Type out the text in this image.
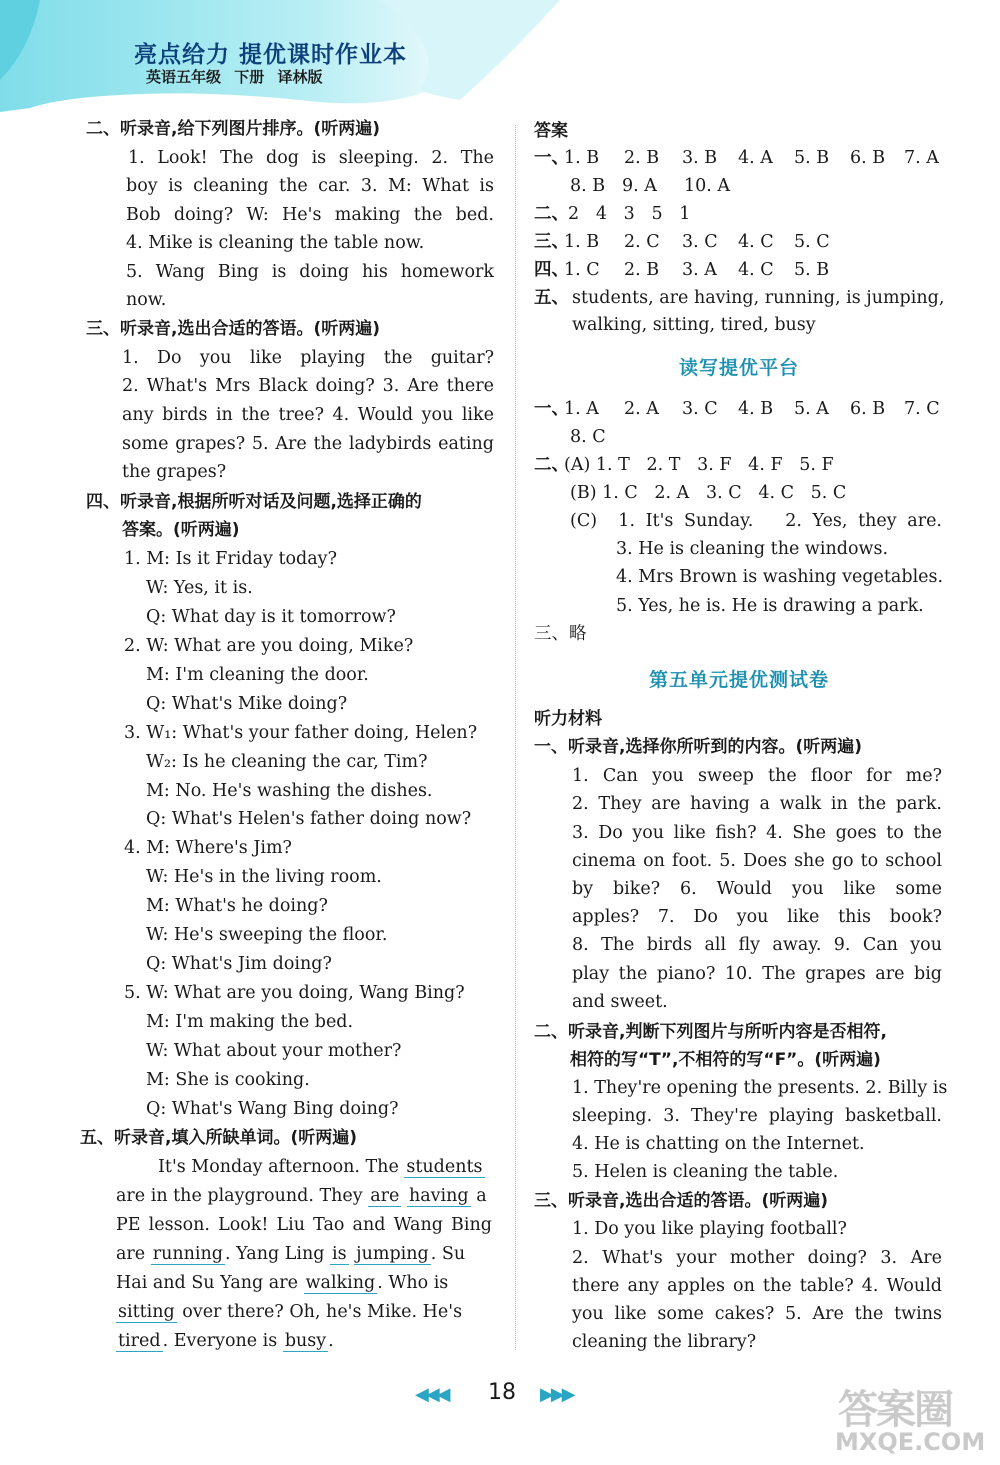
亮点给力 提优课时作业本
英语五年级 下册 译林版
二、听录音,给下列图片排序。(听两遍)
1. Look! The dog is sleeping. 2. The
boy is cleaning the car. 3. M: What is
Bob doing? W: He's making the bed.
4. Mike is cleaning the table now.
5. Wang Bing is doing his homework
now.
三、听录音,选出合适的答语。(听两遍)
1. Do you like playing the guitar?
2. What's Mrs Black doing? 3. Are there
any birds in the tree? 4. Would you like
some grapes? 5. Are the ladybirds eating
the grapes?
四、听录音,根据所听对话及问题,选择正确的
答案。(听两遍)
1. M: Is it Friday today?
W: Yes, it is.
Q: What day is it tomorrow?
2. W: What are you doing, Mike?
M: I'm cleaning the door.
Q: What's Mike doing?
3. W₁: What's your father doing, Helen?
W₂: Is he cleaning the car, Tim?
M: No. He's washing the dishes.
Q: What's Helen's father doing now?
4. M: Where's Jim?
W: He's in the living room.
M: What's he doing?
W: He's sweeping the floor.
Q: What's Jim doing?
5. W: What are you doing, Wang Bing?
M: I'm making the bed.
W: What about your mother?
M: She is cooking.
Q: What's Wang Bing doing?
五、听录音,填入所缺单词。(听两遍)
It's Monday afternoon. The students
are in the playground. They are having a
PE lesson. Look! Liu Tao and Wang Bing
are running . Yang Ling is jumping . Su
Hai and Su Yang are walking . Who is
sitting over there? Oh, he's Mike. He's
tired . Everyone is busy .
答案
一、
1. B 2. B 3. B 4. A 5. B 6. B 7. A
8. B 9. A 10. A
二、 2   4   3   5   1
三、
1. B 2. C 3. C 4. C 5. C
四、
1. C 2. B 3. A 4. C 5. B
五、 students, are having, running, is jumping,
walking, sitting, tired, busy
读写提优平台
一、
1. A 2. A 3. C 4. B 5. A 6. B 7. C
8. C
二、
(A) 1. T   2. T   3. F   4. F   5. F
(B) 1. C   2. A   3. C   4. C   5. C
(C)  1. It's Sunday.   2. Yes, they are.
3. He is cleaning the windows.
4. Mrs Brown is washing vegetables.
5. Yes, he is. He is drawing a park.
三、略
第五单元提优测试卷
听力材料
一、听录音,选择你所听到的内容。(听两遍)
1. Can you sweep the floor for me?
2. They are having a walk in the park.
3. Do you like fish? 4. She goes to the
cinema on foot. 5. Does she go to school
by bike? 6. Would you like some
apples? 7. Do you like this book?
8. The birds all fly away. 9. Can you
play the piano? 10. The grapes are big
and sweet.
二、听录音,判断下列图片与所听内容是否相符,
相符的写“T”,不相符的写“F”。(听两遍)
1. They're opening the presents. 2. Billy is
sleeping. 3. They're playing basketball.
4. He is chatting on the Internet.
5. Helen is cleaning the table.
三、听录音,选出合适的答语。(听两遍)
1. Do you like playing football?
2. What's your mother doing? 3. Are
there any apples on the table? 4. Would
you like some cakes? 5. Are the twins
cleaning the library?
◀◀◀ 18 ▶▶▶	答案圈
MXQE.COM
